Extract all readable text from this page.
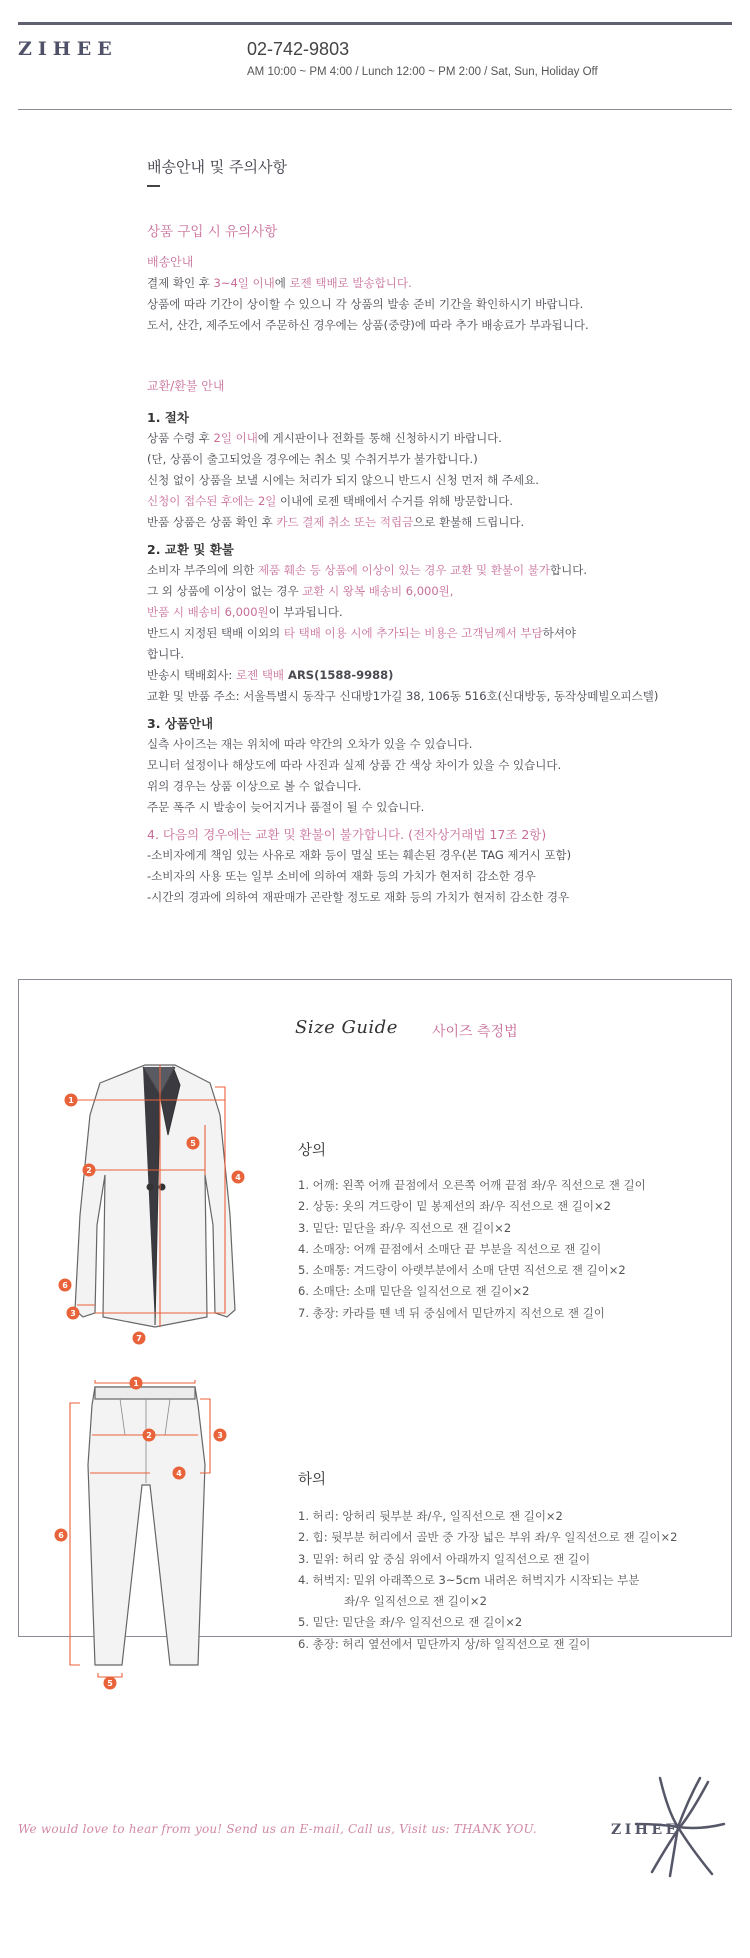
ZIHEE	02-742-9803
AM 10:00 ~ PM 4:00 / Lunch 12:00 ~ PM 2:00 / Sat, Sun, Holiday Off
배송안내 및 주의사항
상품 구입 시 유의사항
배송안내
결제 확인 후 3~4일 이내에 로젠 택배로 발송합니다.
상품에 따라 기간이 상이할 수 있으니 각 상품의 발송 준비 기간을 확인하시기 바랍니다.
도서, 산간, 제주도에서 주문하신 경우에는 상품(중량)에 따라 추가 배송료가 부과됩니다.
교환/환불 안내
1. 절차
상품 수령 후 2일 이내에 게시판이나 전화를 통해 신청하시기 바랍니다.
(단, 상품이 출고되었을 경우에는 취소 및 수취거부가 불가합니다.)
신청 없이 상품을 보낼 시에는 처리가 되지 않으니 반드시 신청 먼저 해 주세요.
신청이 접수된 후에는 2일 이내에 로젠 택배에서 수거를 위해 방문합니다.
반품 상품은 상품 확인 후 카드 결제 취소 또는 적립금으로 환불해 드립니다.
2. 교환 및 환불
소비자 부주의에 의한 제품 훼손 등 상품에 이상이 있는 경우 교환 및 환불이 불가합니다.
그 외 상품에 이상이 없는 경우 교환 시 왕복 배송비 6,000원,
반품 시 배송비 6,000원이 부과됩니다.
반드시 지정된 택배 이외의 타 택배 이용 시에 추가되는 비용은 고객님께서 부담하셔야
합니다.
반송시 택배회사: 로젠 택배 ARS(1588-9988)
교환 및 반품 주소: 서울특별시 동작구 신대방1가길 38, 106동 516호(신대방동, 동작상떼빌오피스텔)
3. 상품안내
실측 사이즈는 재는 위치에 따라 약간의 오차가 있을 수 있습니다.
모니터 설정이나 해상도에 따라 사진과 실제 상품 간 색상 차이가 있을 수 있습니다.
위의 경우는 상품 이상으로 볼 수 없습니다.
주문 폭주 시 발송이 늦어지거나 품절이 될 수 있습니다.
4. 다음의 경우에는 교환 및 환불이 불가합니다. (전자상거래법 17조 2항)
-소비자에게 책임 있는 사유로 재화 등이 멸실 또는 훼손된 경우(본 TAG 제거시 포함)
-소비자의 사용 또는 일부 소비에 의하여 재화 등의 가치가 현저히 감소한 경우
-시간의 경과에 의하여 재판매가 곤란할 정도로 재화 등의 가치가 현저히 감소한 경우
Size Guide 사이즈 측정법
1
2
3
4
5
6
7
상의
1. 어깨: 왼쪽 어깨 끝점에서 오른쪽 어깨 끝점 좌/우 직선으로 잰 길이
2. 상동: 옷의 겨드랑이 밑 봉제선의 좌/우 직선으로 잰 길이×2
3. 밑단: 밑단을 좌/우 직선으로 잰 길이×2
4. 소매장: 어깨 끝점에서 소매단 끝 부분을 직선으로 잰 길이
5. 소매통: 겨드랑이 아랫부분에서 소매 단면 직선으로 잰 길이×2
6. 소매단: 소매 밑단을 일직선으로 잰 길이×2
7. 총장: 카라를 뗀 넥 뒤 중심에서 밑단까지 직선으로 잰 길이
1
2	3
4
5
6
하의
1. 허리: 앙허리 뒷부분 좌/우, 일직선으로 잰 길이×2
2. 힙: 뒷부분 허리에서 골반 중 가장 넓은 부위 좌/우 일직선으로 잰 길이×2
3. 밑위: 허리 앞 중심 위에서 아래까지 일직선으로 잰 길이
4. 허벅지: 밑위 아래쪽으로 3~5cm 내려온 허벅지가 시작되는 부분
　　　　좌/우 일직선으로 잰 길이×2
5. 밑단: 밑단을 좌/우 일직선으로 잰 길이×2
6. 총장: 허리 옆선에서 밑단까지 상/하 일직선으로 잰 길이
We would love to hear from you! Send us an E-mail, Call us, Visit us: THANK YOU.	ZIHEE
